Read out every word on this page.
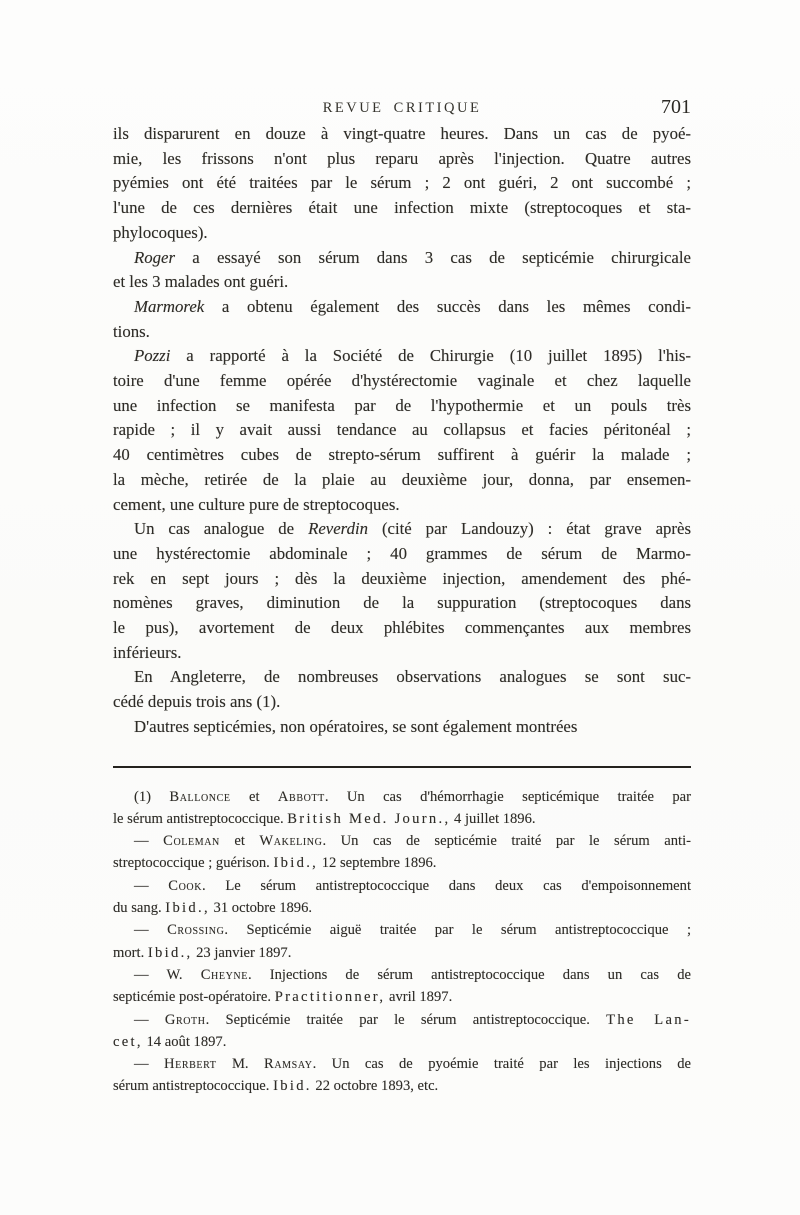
REVUE CRITIQUE	701
ils disparurent en douze à vingt-quatre heures. Dans un cas de pyoé-
mie, les frissons n'ont plus reparu après l'injection. Quatre autres
pyémies ont été traitées par le sérum ; 2 ont guéri, 2 ont succombé ;
l'une de ces dernières était une infection mixte (streptocoques et sta-
phylocoques).
Roger a essayé son sérum dans 3 cas de septicémie chirurgicale
et les 3 malades ont guéri.
Marmorek a obtenu également des succès dans les mêmes condi-
tions.
Pozzi a rapporté à la Société de Chirurgie (10 juillet 1895) l'his-
toire d'une femme opérée d'hystérectomie vaginale et chez laquelle
une infection se manifesta par de l'hypothermie et un pouls très
rapide ; il y avait aussi tendance au collapsus et facies péritonéal ;
40 centimètres cubes de strepto-sérum suffirent à guérir la malade ;
la mèche, retirée de la plaie au deuxième jour, donna, par ensemen-
cement, une culture pure de streptocoques.
Un cas analogue de Reverdin (cité par Landouzy) : état grave après
une hystérectomie abdominale ; 40 grammes de sérum de Marmo-
rek en sept jours ; dès la deuxième injection, amendement des phé-
nomènes graves, diminution de la suppuration (streptocoques dans
le pus), avortement de deux phlébites commençantes aux membres
inférieurs.
En Angleterre, de nombreuses observations analogues se sont suc-
cédé depuis trois ans (1).
D'autres septicémies, non opératoires, se sont également montrées
(1) Ballonce et Abbott. Un cas d'hémorrhagie septicémique traitée par
le sérum antistreptococcique. British Med. Journ., 4 juillet 1896.
— Coleman et Wakeling. Un cas de septicémie traité par le sérum anti-
streptococcique ; guérison. Ibid., 12 septembre 1896.
— Cook. Le sérum antistreptococcique dans deux cas d'empoisonnement
du sang. Ibid., 31 octobre 1896.
— Crossing. Septicémie aiguë traitée par le sérum antistreptococcique ;
mort. Ibid., 23 janvier 1897.
— W. Cheyne. Injections de sérum antistreptococcique dans un cas de
septicémie post-opératoire. Practitionner, avril 1897.
— Groth. Septicémie traitée par le sérum antistreptococcique. The Lan-
cet, 14 août 1897.
— Herbert M. Ramsay. Un cas de pyoémie traité par les injections de
sérum antistreptococcique. Ibid. 22 octobre 1893, etc.
